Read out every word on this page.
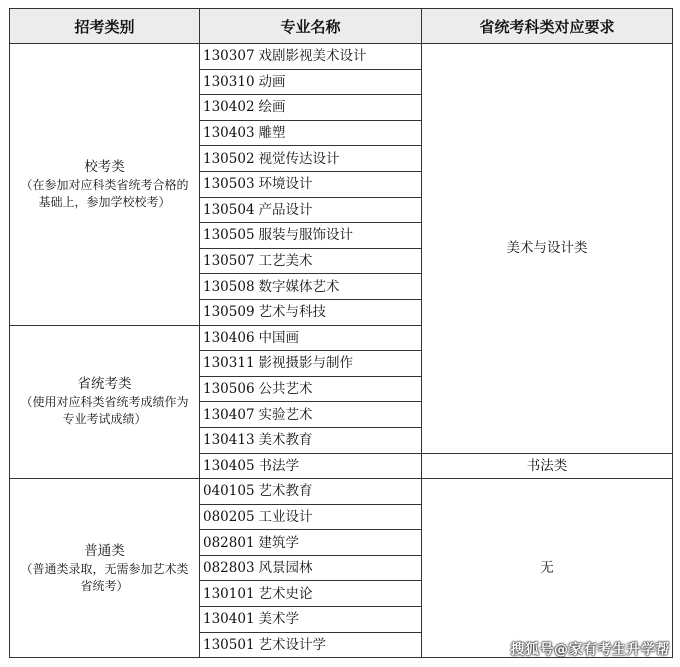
招考类别	专业名称	省统考科类对应要求
校考类
（在参加对应科类省统考合格的基础上，参加学校校考）	130307 戏剧影视美术设计	美术与设计类
	130310 动画	
	130402 绘画	
	130403 雕塑	
	130502 视觉传达设计	
	130503 环境设计	
	130504 产品设计	
	130505 服装与服饰设计	
	130507 工艺美术	
	130508 数字媒体艺术	
	130509 艺术与科技	
省统考类
（使用对应科类省统考成绩作为专业考试成绩）	130406 中国画	
	130311 影视摄影与制作	
	130506 公共艺术	
	130407 实验艺术	
	130413 美术教育	
	130405 书法学	书法类
普通类
（普通类录取，无需参加艺术类省统考）	040105 艺术教育	无
	080205 工业设计	
	082801 建筑学	
	082803 风景园林	
	130101 艺术史论	
	130401 美术学	
	130501 艺术设计学		搜狐号@家有考生升学帮
